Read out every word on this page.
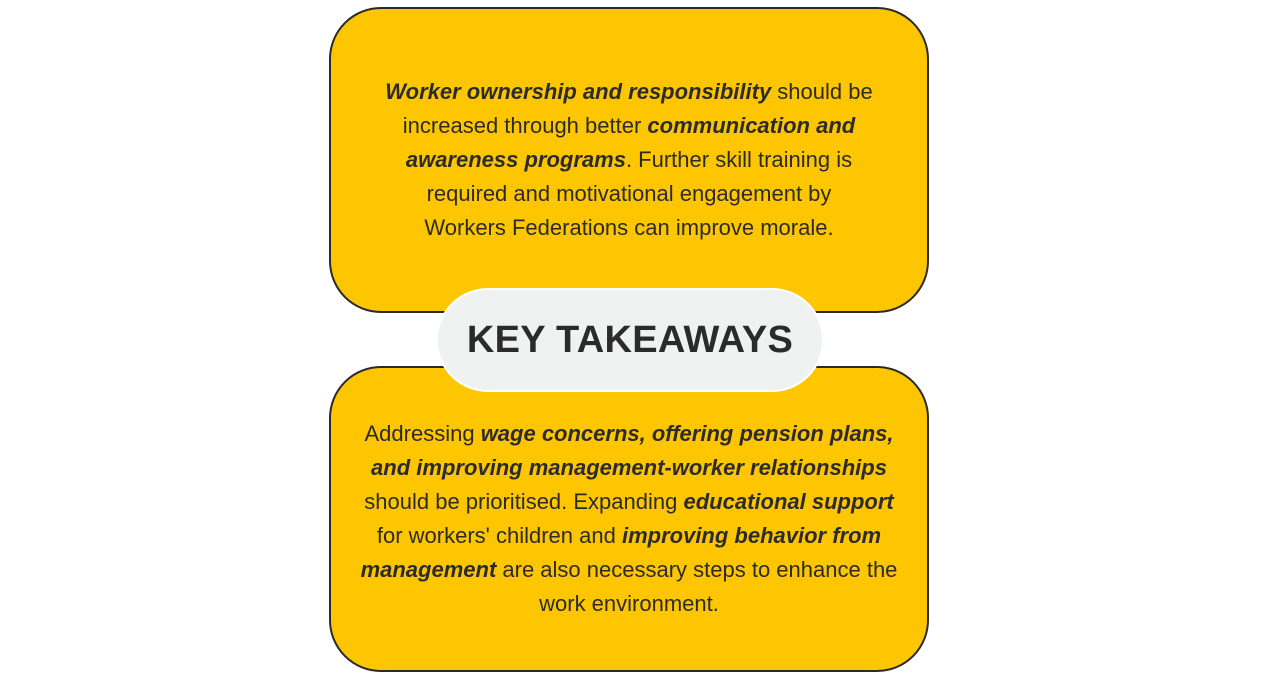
Worker ownership and responsibility should be increased through better communication and awareness programs. Further skill training is required and motivational engagement by Workers Federations can improve morale.

KEY TAKEAWAYS

Addressing wage concerns, offering pension plans, and improving management-worker relationships should be prioritised. Expanding educational support for workers' children and improving behavior from management are also necessary steps to enhance the work environment.
